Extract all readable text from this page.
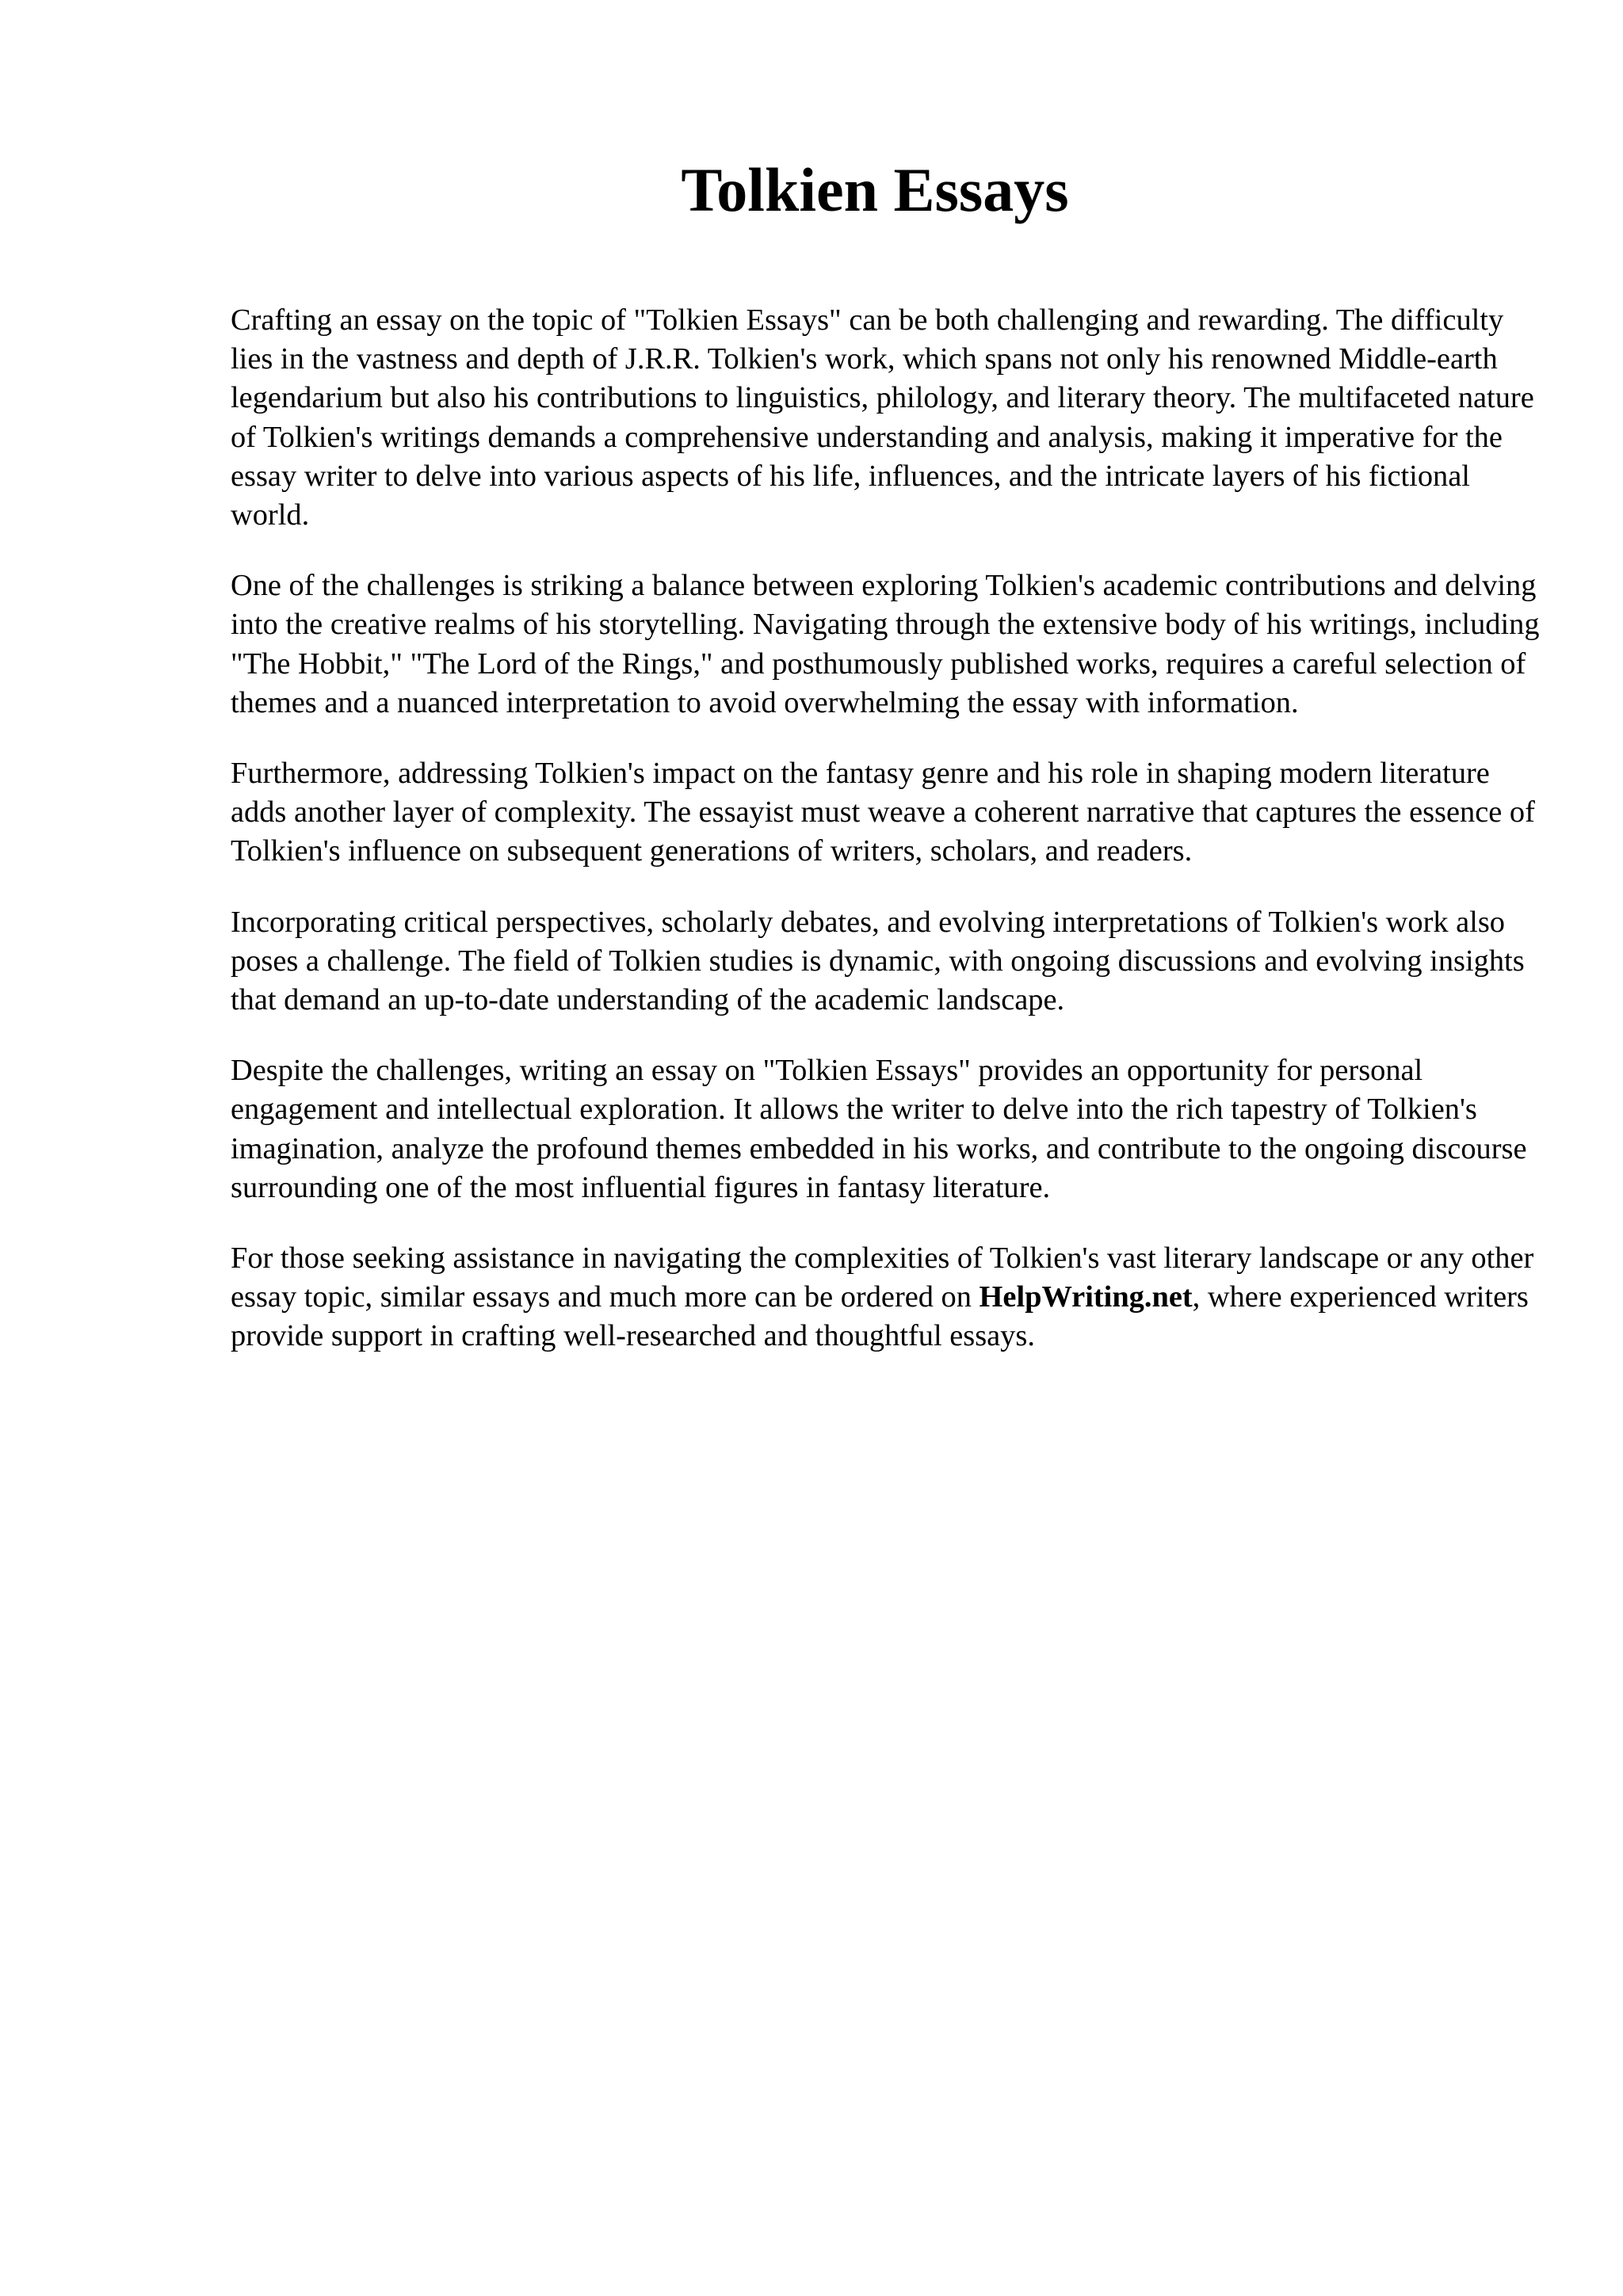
Tolkien Essays

Crafting an essay on the topic of "Tolkien Essays" can be both challenging and rewarding. The difficulty lies in the vastness and depth of J.R.R. Tolkien's work, which spans not only his renowned Middle-earth legendarium but also his contributions to linguistics, philology, and literary theory. The multifaceted nature of Tolkien's writings demands a comprehensive understanding and analysis, making it imperative for the essay writer to delve into various aspects of his life, influences, and the intricate layers of his fictional world.

One of the challenges is striking a balance between exploring Tolkien's academic contributions and delving into the creative realms of his storytelling. Navigating through the extensive body of his writings, including "The Hobbit," "The Lord of the Rings," and posthumously published works, requires a careful selection of themes and a nuanced interpretation to avoid overwhelming the essay with information.

Furthermore, addressing Tolkien's impact on the fantasy genre and his role in shaping modern literature adds another layer of complexity. The essayist must weave a coherent narrative that captures the essence of Tolkien's influence on subsequent generations of writers, scholars, and readers.

Incorporating critical perspectives, scholarly debates, and evolving interpretations of Tolkien's work also poses a challenge. The field of Tolkien studies is dynamic, with ongoing discussions and evolving insights that demand an up-to-date understanding of the academic landscape.

Despite the challenges, writing an essay on "Tolkien Essays" provides an opportunity for personal engagement and intellectual exploration. It allows the writer to delve into the rich tapestry of Tolkien's imagination, analyze the profound themes embedded in his works, and contribute to the ongoing discourse surrounding one of the most influential figures in fantasy literature.

For those seeking assistance in navigating the complexities of Tolkien's vast literary landscape or any other essay topic, similar essays and much more can be ordered on HelpWriting.net, where experienced writers provide support in crafting well-researched and thoughtful essays.
